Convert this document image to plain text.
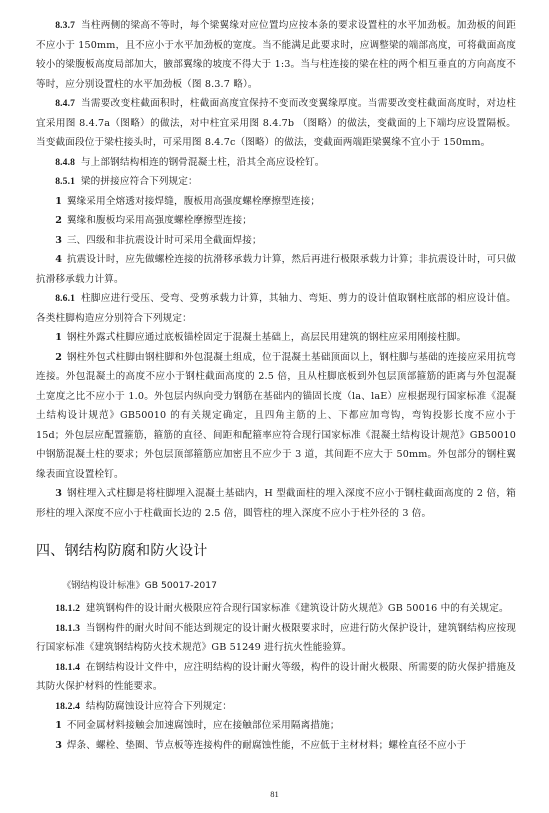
8.3.7 当柱两侧的梁高不等时，每个梁翼缘对应位置均应按本条的要求设置柱的水平加劲板。加劲板的间距不应小于 150mm，且不应小于水平加劲板的宽度。当不能满足此要求时，应调整梁的端部高度，可将截面高度较小的梁腹板高度局部加大，腋部翼缘的坡度不得大于 1:3。当与柱连接的梁在柱的两个相互垂直的方向高度不等时，应分别设置柱的水平加劲板（图 8.3.7 略）。

8.4.7 当需要改变柱截面积时，柱截面高度宜保持不变而改变翼缘厚度。当需要改变柱截面高度时，对边柱宜采用图 8.4.7a（图略）的做法，对中柱宜采用图 8.4.7b （图略）的做法，变截面的上下端均应设置隔板。当变截面段位于梁柱接头时，可采用图 8.4.7c（图略）的做法，变截面两端距梁翼缘不宜小于 150mm。

8.4.8 与上部钢结构相连的钢骨混凝土柱，沿其全高应设栓钉。

8.5.1 梁的拼接应符合下列规定：

1 翼缘采用全熔透对接焊缝，腹板用高强度螺栓摩擦型连接；

2 翼缘和腹板均采用高强度螺栓摩擦型连接；

3 三、四级和非抗震设计时可采用全截面焊接；

4 抗震设计时，应先做螺栓连接的抗滑移承载力计算，然后再进行极限承载力计算；非抗震设计时，可只做抗滑移承载力计算。

8.6.1 柱脚应进行受压、受弯、受剪承载力计算，其轴力、弯矩、剪力的设计值取钢柱底部的相应设计值。各类柱脚构造应分别符合下列规定：

1 钢柱外露式柱脚应通过底板锚栓固定于混凝土基础上，高层民用建筑的钢柱应采用刚接柱脚。

2 钢柱外包式柱脚由钢柱脚和外包混凝土组成，位于混凝土基础顶面以上，钢柱脚与基础的连接应采用抗弯连接。外包混凝土的高度不应小于钢柱截面高度的 2.5 倍，且从柱脚底板到外包层顶部箍筋的距离与外包混凝土宽度之比不应小于 1.0。外包层内纵向受力钢筋在基础内的锚固长度（la、laE）应根据现行国家标准《混凝土结构设计规范》GB50010 的有关规定确定，且四角主筋的上、下都应加弯钩，弯钩投影长度不应小于 15d；外包层应配置箍筋，箍筋的直径、间距和配箍率应符合现行国家标准《混凝土结构设计规范》GB50010 中钢筋混凝土柱的要求；外包层顶部箍筋应加密且不应少于 3 道，其间距不应大于 50mm。外包部分的钢柱翼缘表面宜设置栓钉。

3 钢柱埋入式柱脚是将柱脚埋入混凝土基础内，H 型截面柱的埋入深度不应小于钢柱截面高度的 2 倍，箱形柱的埋入深度不应小于柱截面长边的 2.5 倍，圆管柱的埋入深度不应小于柱外径的 3 倍。

四、钢结构防腐和防火设计
《钢结构设计标准》GB 50017-2017

18.1.2 建筑钢构件的设计耐火极限应符合现行国家标准《建筑设计防火规范》GB 50016 中的有关规定。

18.1.3 当钢构件的耐火时间不能达到规定的设计耐火极限要求时，应进行防火保护设计，建筑钢结构应按现行国家标准《建筑钢结构防火技术规范》GB 51249 进行抗火性能验算。

18.1.4 在钢结构设计文件中，应注明结构的设计耐火等级，构件的设计耐火极限、所需要的防火保护措施及其防火保护材料的性能要求。

18.2.4 结构防腐蚀设计应符合下列规定：

1 不同金属材料接触会加速腐蚀时，应在接触部位采用隔离措施；

3 焊条、螺栓、垫圈、节点板等连接构件的耐腐蚀性能，不应低于主材材料；螺栓直径不应小于

81
